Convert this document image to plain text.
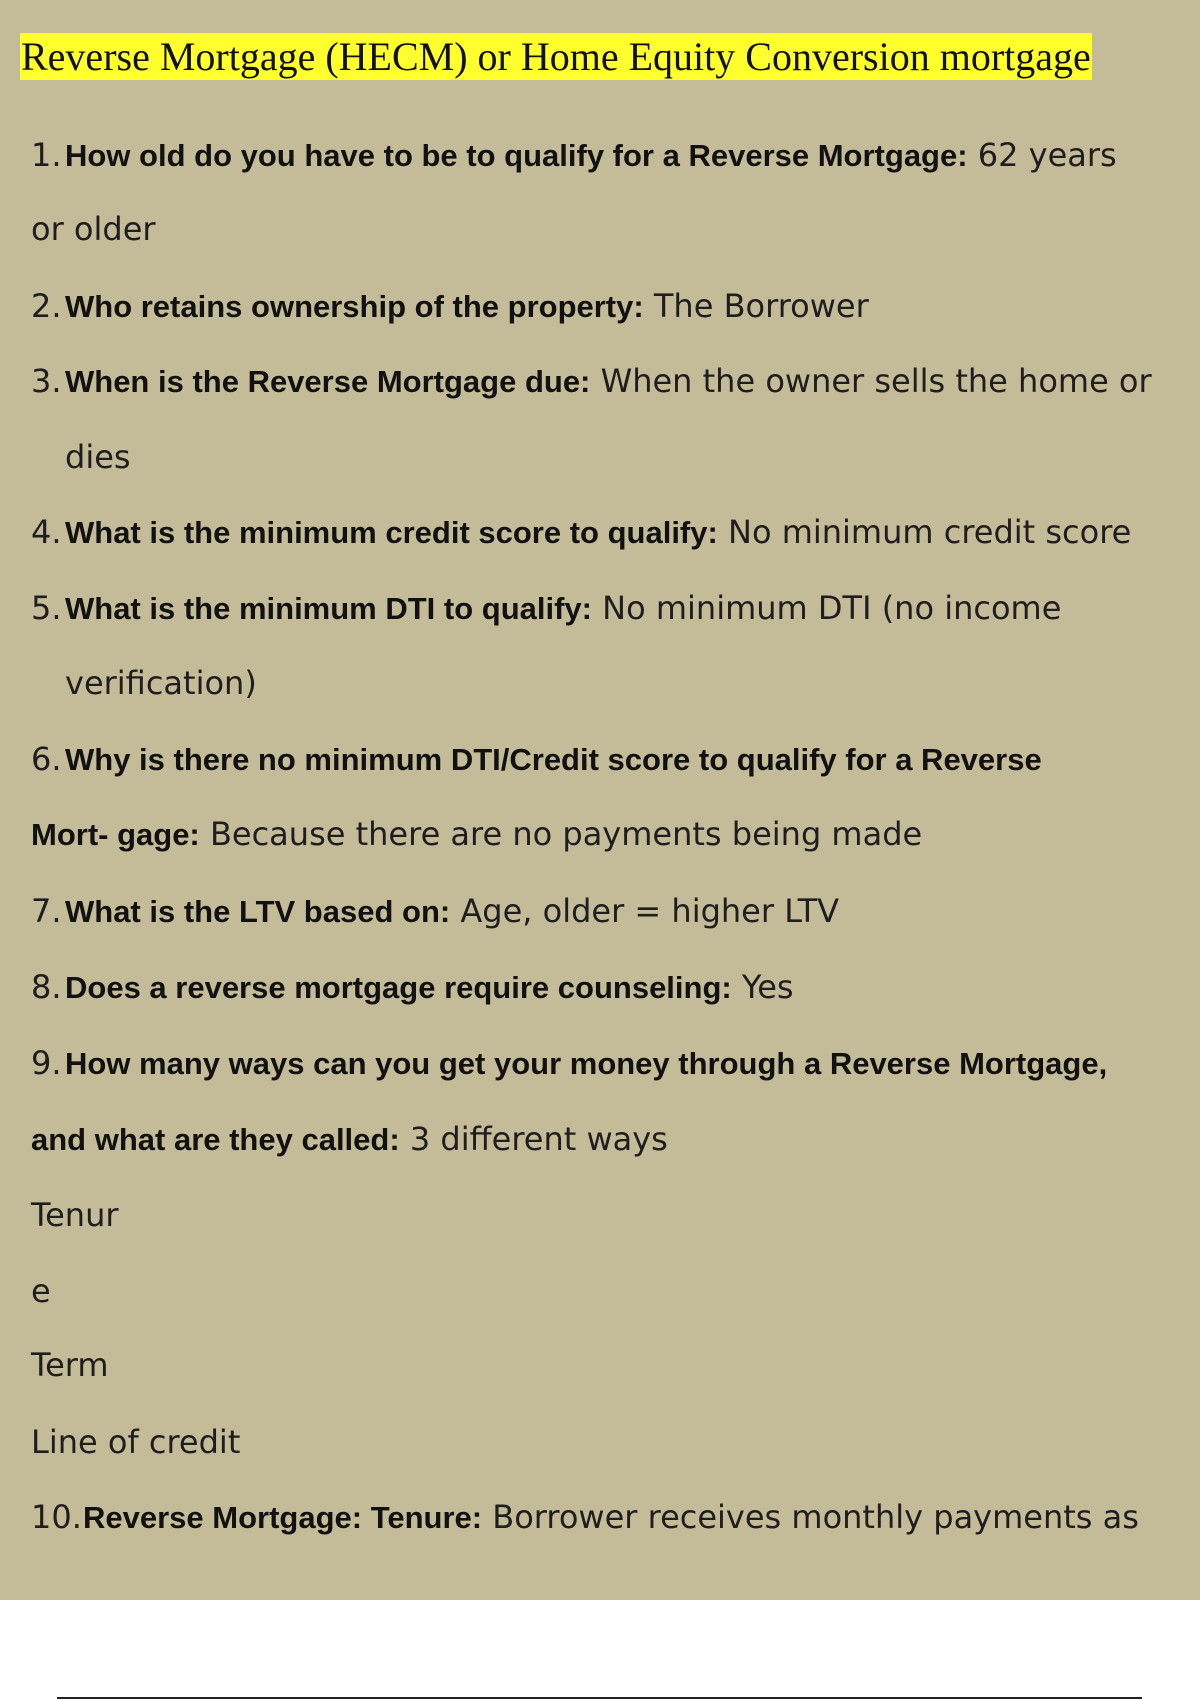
Reverse Mortgage (HECM) or Home Equity Conversion mortgage
1. How old do you have to be to qualify for a Reverse Mortgage: 62 years
or older
2. Who retains ownership of the property: The Borrower
3. When is the Reverse Mortgage due: When the owner sells the home or
dies
4. What is the minimum credit score to qualify: No minimum credit score
5. What is the minimum DTI to qualify: No minimum DTI (no income
verification)
6. Why is there no minimum DTI/Credit score to qualify for a Reverse
Mort- gage: Because there are no payments being made
7. What is the LTV based on: Age, older = higher LTV
8. Does a reverse mortgage require counseling: Yes
9. How many ways can you get your money through a Reverse Mortgage,
and what are they called: 3 different ways
Tenur
e
Term
Line of credit
10.Reverse Mortgage: Tenure: Borrower receives monthly payments as
